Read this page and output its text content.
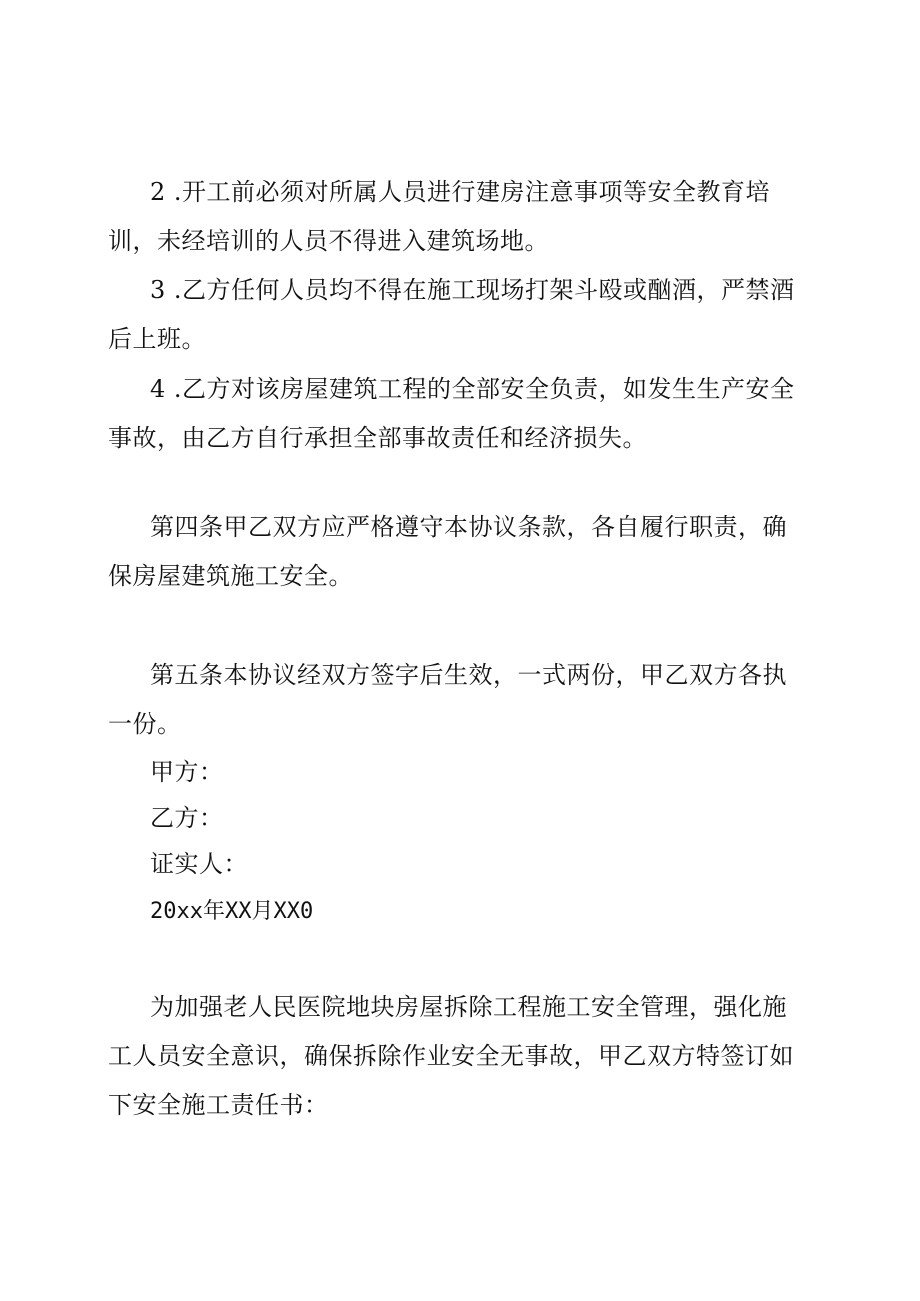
2 .开工前必须对所属人员进行建房注意事项等安全教育培训，未经培训的人员不得进入建筑场地。

3 .乙方任何人员均不得在施工现场打架斗殴或酗酒，严禁酒后上班。

4 .乙方对该房屋建筑工程的全部安全负责，如发生生产安全事故，由乙方自行承担全部事故责任和经济损失。

第四条甲乙双方应严格遵守本协议条款，各自履行职责，确保房屋建筑施工安全。

第五条本协议经双方签字后生效，一式两份，甲乙双方各执一份。

甲方：

乙方：

证实人：

20xx年XX月XX0

为加强老人民医院地块房屋拆除工程施工安全管理，强化施工人员安全意识，确保拆除作业安全无事故，甲乙双方特签订如下安全施工责任书：
